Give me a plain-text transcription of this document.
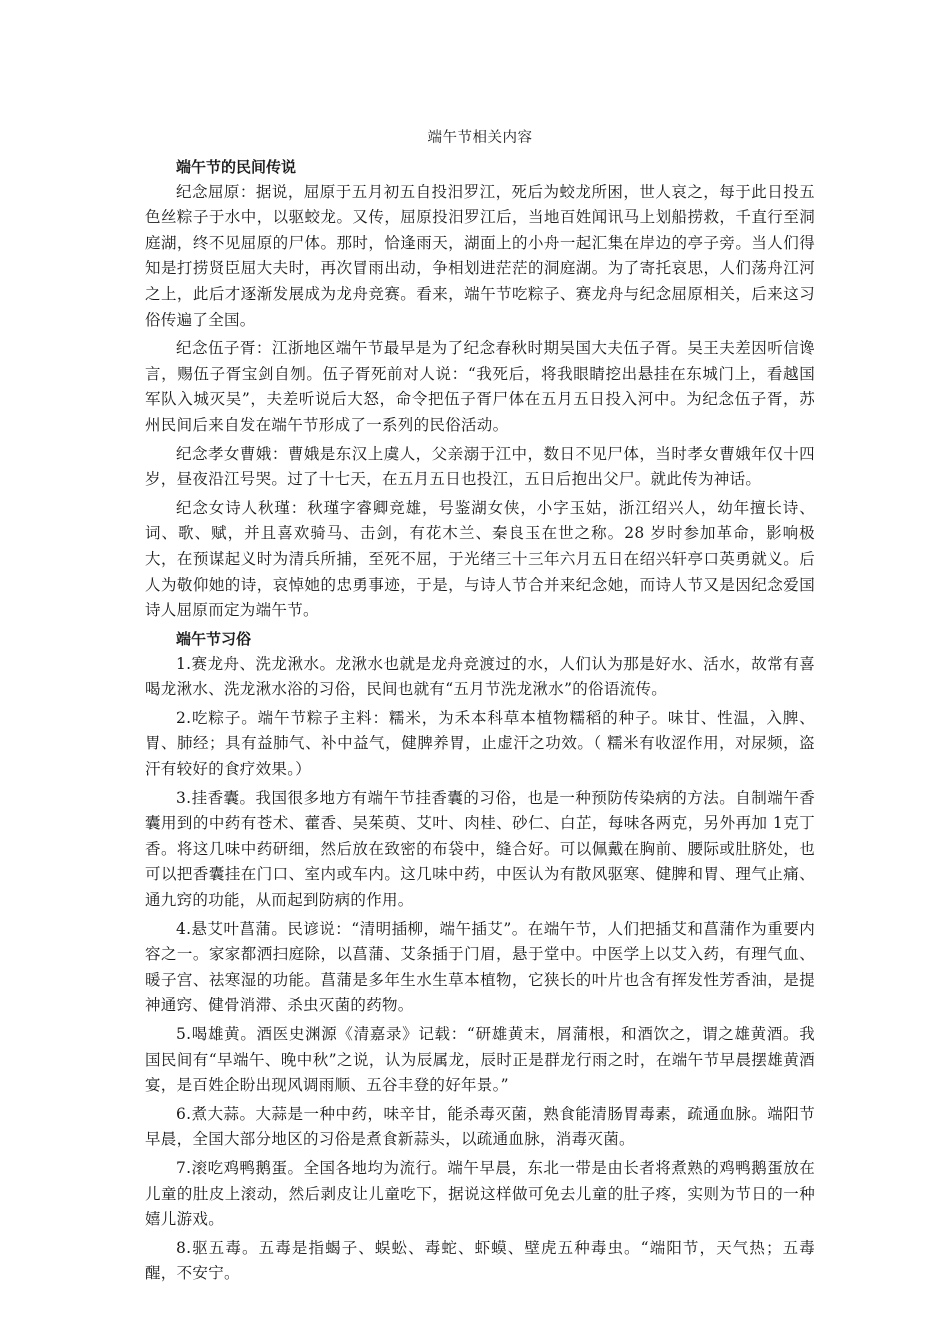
端午节相关内容

端午节的民间传说

纪念屈原：据说，屈原于五月初五自投汨罗江，死后为蛟龙所困，世人哀之，每于此日投五色丝粽子于水中，以驱蛟龙。又传，屈原投汨罗江后，当地百姓闻讯马上划船捞救，千直行至洞庭湖，终不见屈原的尸体。那时，恰逢雨天，湖面上的小舟一起汇集在岸边的亭子旁。当人们得知是打捞贤臣屈大夫时，再次冒雨出动，争相划进茫茫的洞庭湖。为了寄托哀思，人们荡舟江河之上，此后才逐渐发展成为龙舟竞赛。看来，端午节吃粽子、赛龙舟与纪念屈原相关，后来这习俗传遍了全国。

纪念伍子胥：江浙地区端午节最早是为了纪念春秋时期吴国大夫伍子胥。吴王夫差因听信谗言，赐伍子胥宝剑自刎。伍子胥死前对人说：“我死后，将我眼睛挖出悬挂在东城门上，看越国军队入城灭吴”，夫差听说后大怒，命令把伍子胥尸体在五月五日投入河中。为纪念伍子胥，苏州民间后来自发在端午节形成了一系列的民俗活动。

纪念孝女曹娥：曹娥是东汉上虞人，父亲溺于江中，数日不见尸体，当时孝女曹娥年仅十四岁，昼夜沿江号哭。过了十七天，在五月五日也投江，五日后抱出父尸。就此传为神话。

纪念女诗人秋瑾：秋瑾字睿卿竞雄，号鉴湖女侠，小字玉姑，浙江绍兴人，幼年擅长诗、词、歌、赋，并且喜欢骑马、击剑，有花木兰、秦良玉在世之称。28 岁时参加革命，影响极大，在预谋起义时为清兵所捕，至死不屈，于光绪三十三年六月五日在绍兴轩亭口英勇就义。后人为敬仰她的诗，哀悼她的忠勇事迹，于是，与诗人节合并来纪念她，而诗人节又是因纪念爱国诗人屈原而定为端午节。

端午节习俗

1.赛龙舟、洗龙湫水。龙湫水也就是龙舟竞渡过的水，人们认为那是好水、活水，故常有喜喝龙湫水、洗龙湫水浴的习俗，民间也就有“五月节洗龙湫水”的俗语流传。

2.吃粽子。端午节粽子主料：糯米，为禾本科草本植物糯稻的种子。味甘、性温，入脾、胃、肺经；具有益肺气、补中益气，健脾养胃，止虚汗之功效。（ 糯米有收涩作用，对尿频，盗汗有较好的食疗效果。）

3.挂香囊。我国很多地方有端午节挂香囊的习俗，也是一种预防传染病的方法。自制端午香囊用到的中药有苍术、藿香、吴茱萸、艾叶、肉桂、砂仁、白芷，每味各两克，另外再加 1克丁香。将这几味中药研细，然后放在致密的布袋中，缝合好。可以佩戴在胸前、腰际或肚脐处，也可以把香囊挂在门口、室内或车内。这几味中药，中医认为有散风驱寒、健脾和胃、理气止痛、通九窍的功能，从而起到防病的作用。

4.悬艾叶菖蒲。民谚说：“清明插柳，端午插艾”。在端午节，人们把插艾和菖蒲作为重要内容之一。家家都洒扫庭除，以菖蒲、艾条插于门眉，悬于堂中。中医学上以艾入药，有理气血、暖子宫、祛寒湿的功能。菖蒲是多年生水生草本植物，它狭长的叶片也含有挥发性芳香油，是提神通窍、健骨消滞、杀虫灭菌的药物。

5.喝雄黄。酒医史渊源《清嘉录》记载：“研雄黄末，屑蒲根，和酒饮之，谓之雄黄酒。我国民间有“早端午、晚中秋”之说，认为辰属龙，辰时正是群龙行雨之时，在端午节早晨摆雄黄酒宴，是百姓企盼出现风调雨顺、五谷丰登的好年景。”

6.煮大蒜。大蒜是一种中药，味辛甘，能杀毒灭菌，熟食能清肠胃毒素，疏通血脉。端阳节早晨，全国大部分地区的习俗是煮食新蒜头，以疏通血脉，消毒灭菌。

7.滚吃鸡鸭鹅蛋。全国各地均为流行。端午早晨，东北一带是由长者将煮熟的鸡鸭鹅蛋放在儿童的肚皮上滚动，然后剥皮让儿童吃下，据说这样做可免去儿童的肚子疼，实则为节日的一种嬉儿游戏。

8.驱五毒。五毒是指蝎子、蜈蚣、毒蛇、虾蟆、壁虎五种毒虫。“端阳节，天气热；五毒醒，不安宁。
